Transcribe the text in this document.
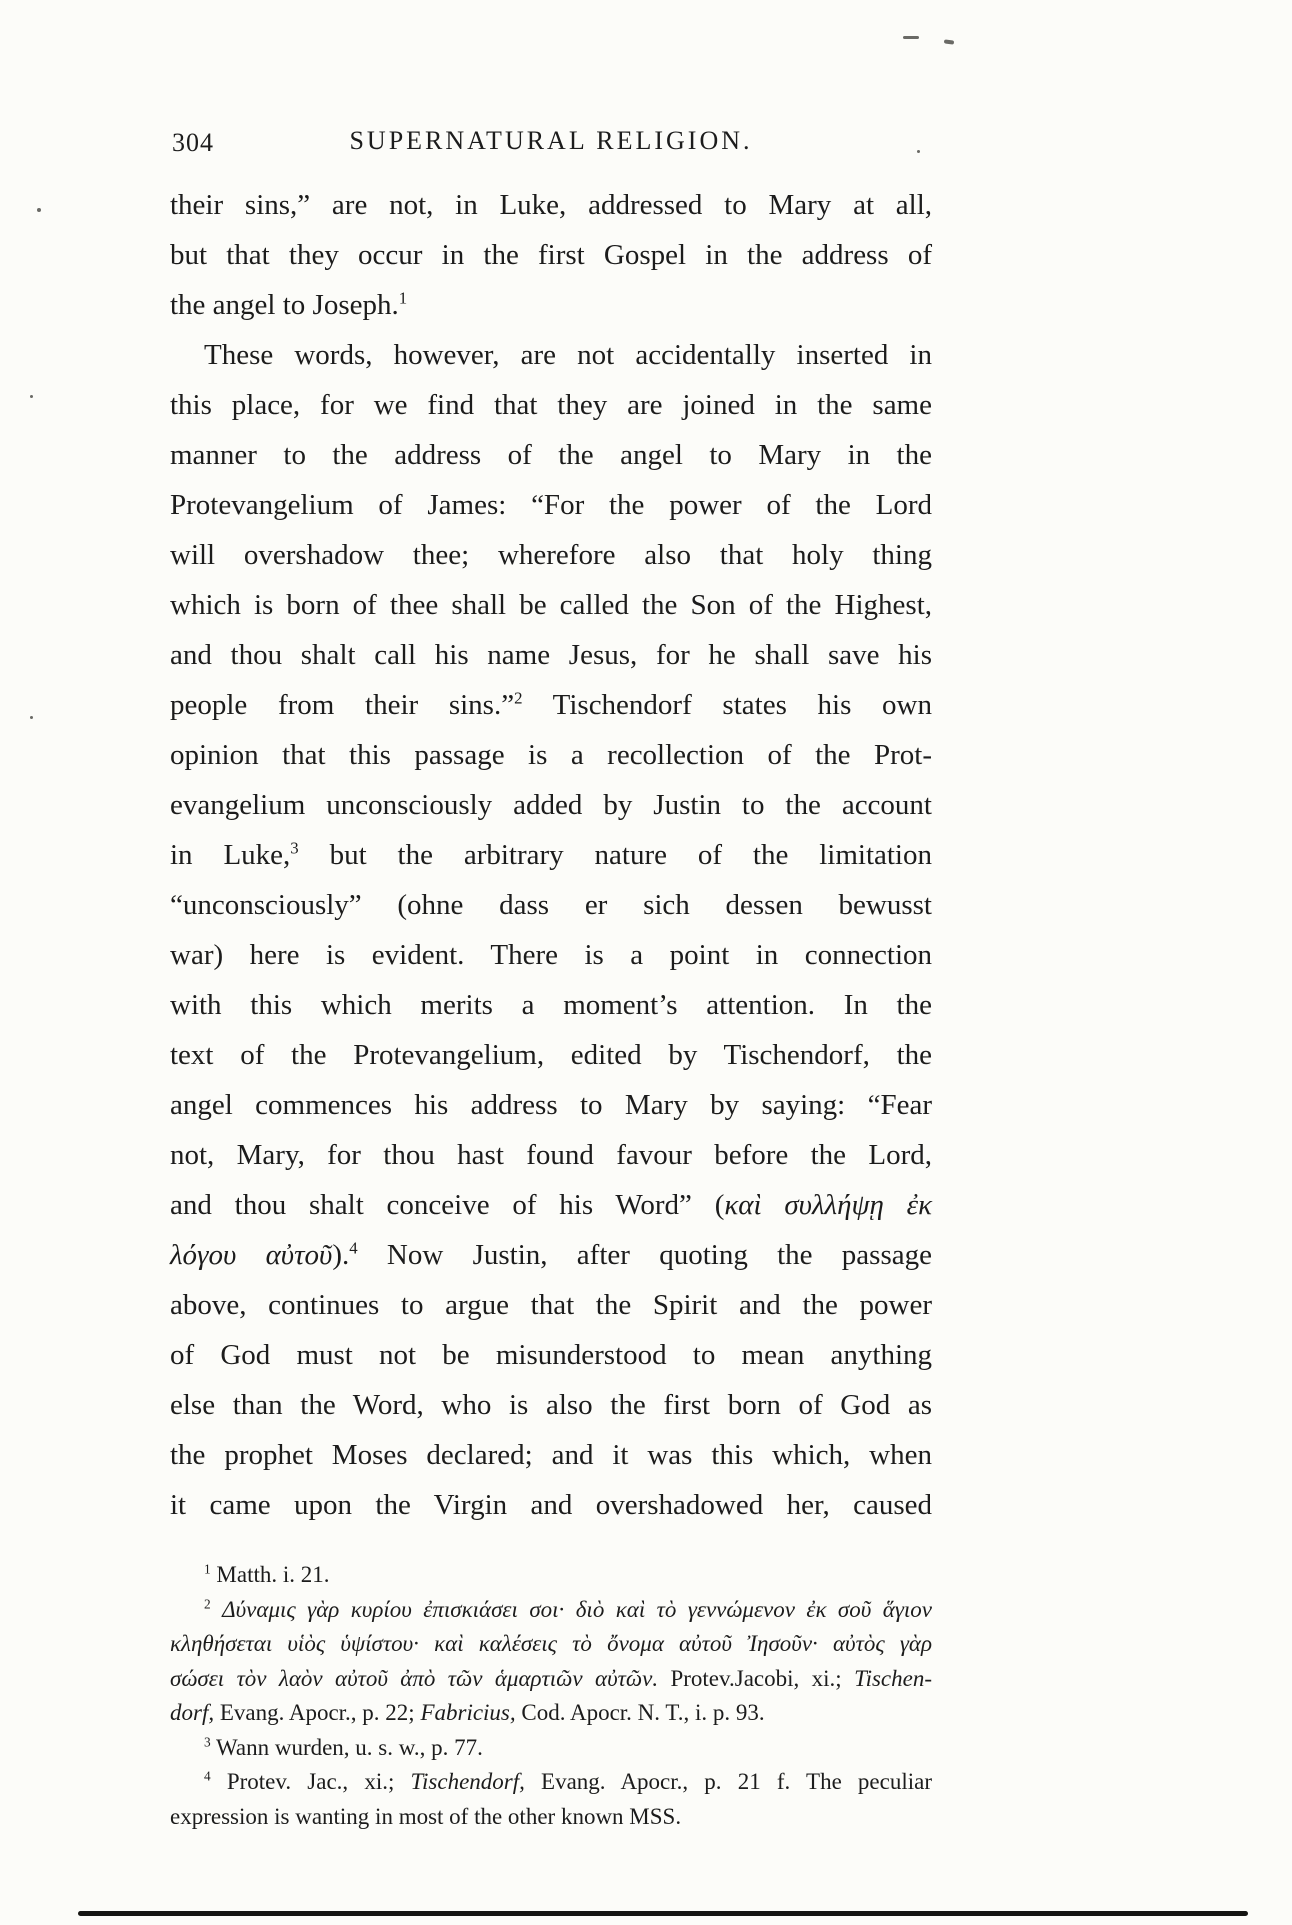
304	SUPERNATURAL RELIGION.
their sins,” are not, in Luke, addressed to Mary at all,
but that they occur in the first Gospel in the address of
the angel to Joseph.$^1$
These words, however, are not accidentally inserted in
this place, for we find that they are joined in the same
manner to the address of the angel to Mary in the
Protevangelium of James: “For the power of the Lord
will overshadow thee; wherefore also that holy thing
which is born of thee shall be called the Son of the Highest,
and thou shalt call his name Jesus, for he shall save his
people from their sins.”$^2$ Tischendorf states his own
opinion that this passage is a recollection of the Prot-
evangelium unconsciously added by Justin to the account
in Luke,$^3$ but the arbitrary nature of the limitation
“unconsciously” (ohne dass er sich dessen bewusst
war) here is evident. There is a point in connection
with this which merits a moment’s attention. In the
text of the Protevangelium, edited by Tischendorf, the
angel commences his address to Mary by saying: “Fear
not, Mary, for thou hast found favour before the Lord,
and thou shalt conceive of his Word” (καὶ συλλήψῃ ἐκ
λόγου αὐτοῦ).$^4$ Now Justin, after quoting the passage
above, continues to argue that the Spirit and the power
of God must not be misunderstood to mean anything
else than the Word, who is also the first born of God as
the prophet Moses declared; and it was this which, when
it came upon the Virgin and overshadowed her, caused
$^1$ Matth. i. 21.
$^2$ Δύναμις γὰρ κυρίου ἐπισκιάσει σοι· διὸ καὶ τὸ γεννώμενον ἐκ σοῦ ἅγιον
κληθήσεται υἱὸς ὑψίστου· καὶ καλέσεις τὸ ὄνομα αὐτοῦ Ἰησοῦν· αὐτὸς γὰρ
σώσει τὸν λαὸν αὐτοῦ ἀπὸ τῶν ἁμαρτιῶν αὐτῶν. Protev.Jacobi, xi.; Tischen-
dorf, Evang. Apocr., p. 22; Fabricius, Cod. Apocr. N. T., i. p. 93.
$^3$ Wann wurden, u. s. w., p. 77.
$^4$ Protev. Jac., xi.; Tischendorf, Evang. Apocr., p. 21 f. The peculiar
expression is wanting in most of the other known MSS.
